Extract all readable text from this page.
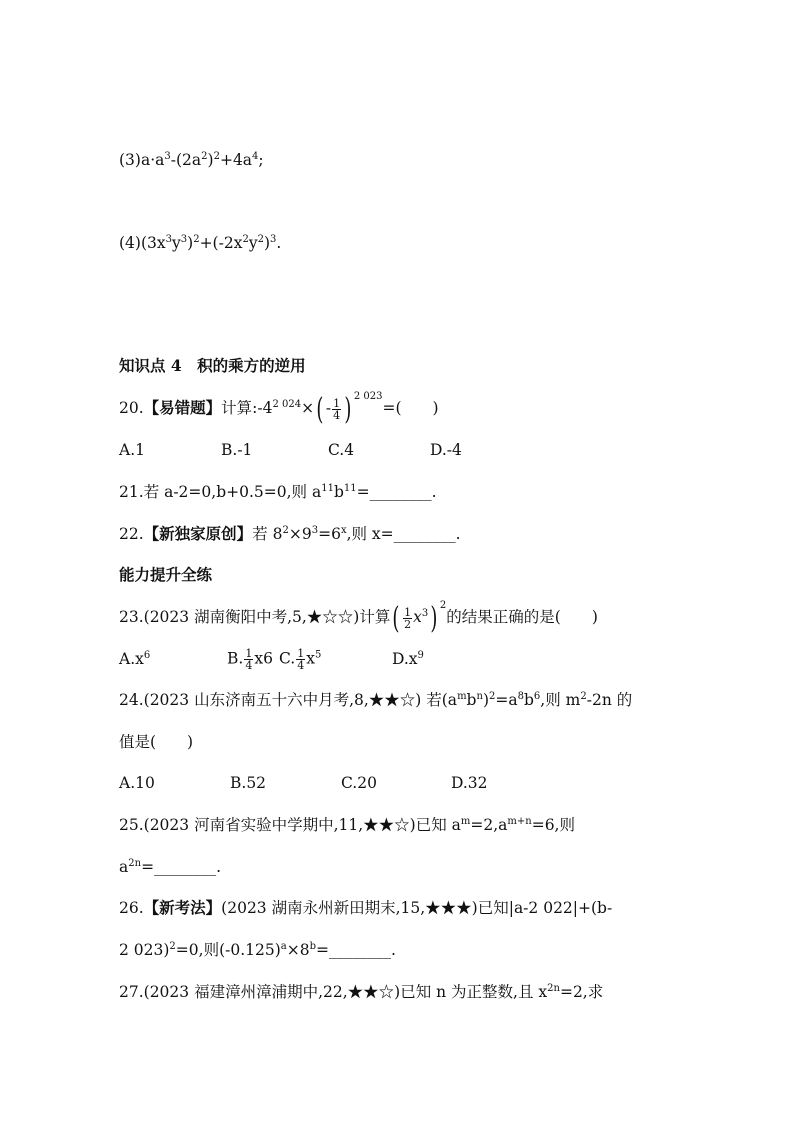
$(3)a\cdot a^3-(2a^2)^2+4a^4$;
$(4)(3x^3y^3)^2+(-2x^2y^2)^3$.
知识点 4　积的乘方的逆用
20.【易错题】计算$:-4^{2 024}\times( - \frac{1}{4}$ ) $^{2 023}$=(　　)
A.1	B.-1	C.4	D.-4
21.若 a-2=0,b+0.5=0,则 $a^{11}b^{11}=\_\_\_\_\_\_\_\_$.
22.【新独家原创】若 $8^2\times 9^3=6^x$,则 x=________.
能力提升全练
23.(2023 湖南衡阳中考,5,★☆☆)计算( $\frac{1}{2} x^3$) $^2$的结果正确的是(　　)
$A.x^6$	B. $\frac{1}{4} x6$ C. $\frac{1}{4} x^5$	$D.x^9$
24.(2023 山东济南五十六中月考,8,★★☆) 若$(a^mb^n)^2=a^8b^6$,则 $m^2-2n$ 的
值是(　　)
A.10	B.52	C.20	D.32
25.(2023 河南省实验中学期中,11,★★☆)已知 $a^m=2,a^{m+n}=6$,则
$a^{2n}=\_\_\_\_\_\_\_\_$.
26.【新考法】(2023 湖南永州新田期末,15,★★★)已知|a-2 022|+(b-
2 023)$^2$=0,则$(-0.125)^a\times 8^b=\_\_\_\_\_\_\_\_$.
27.(2023 福建漳州漳浦期中,22,★★☆)已知 n 为正整数,且 $x^{2n}=2$,求
